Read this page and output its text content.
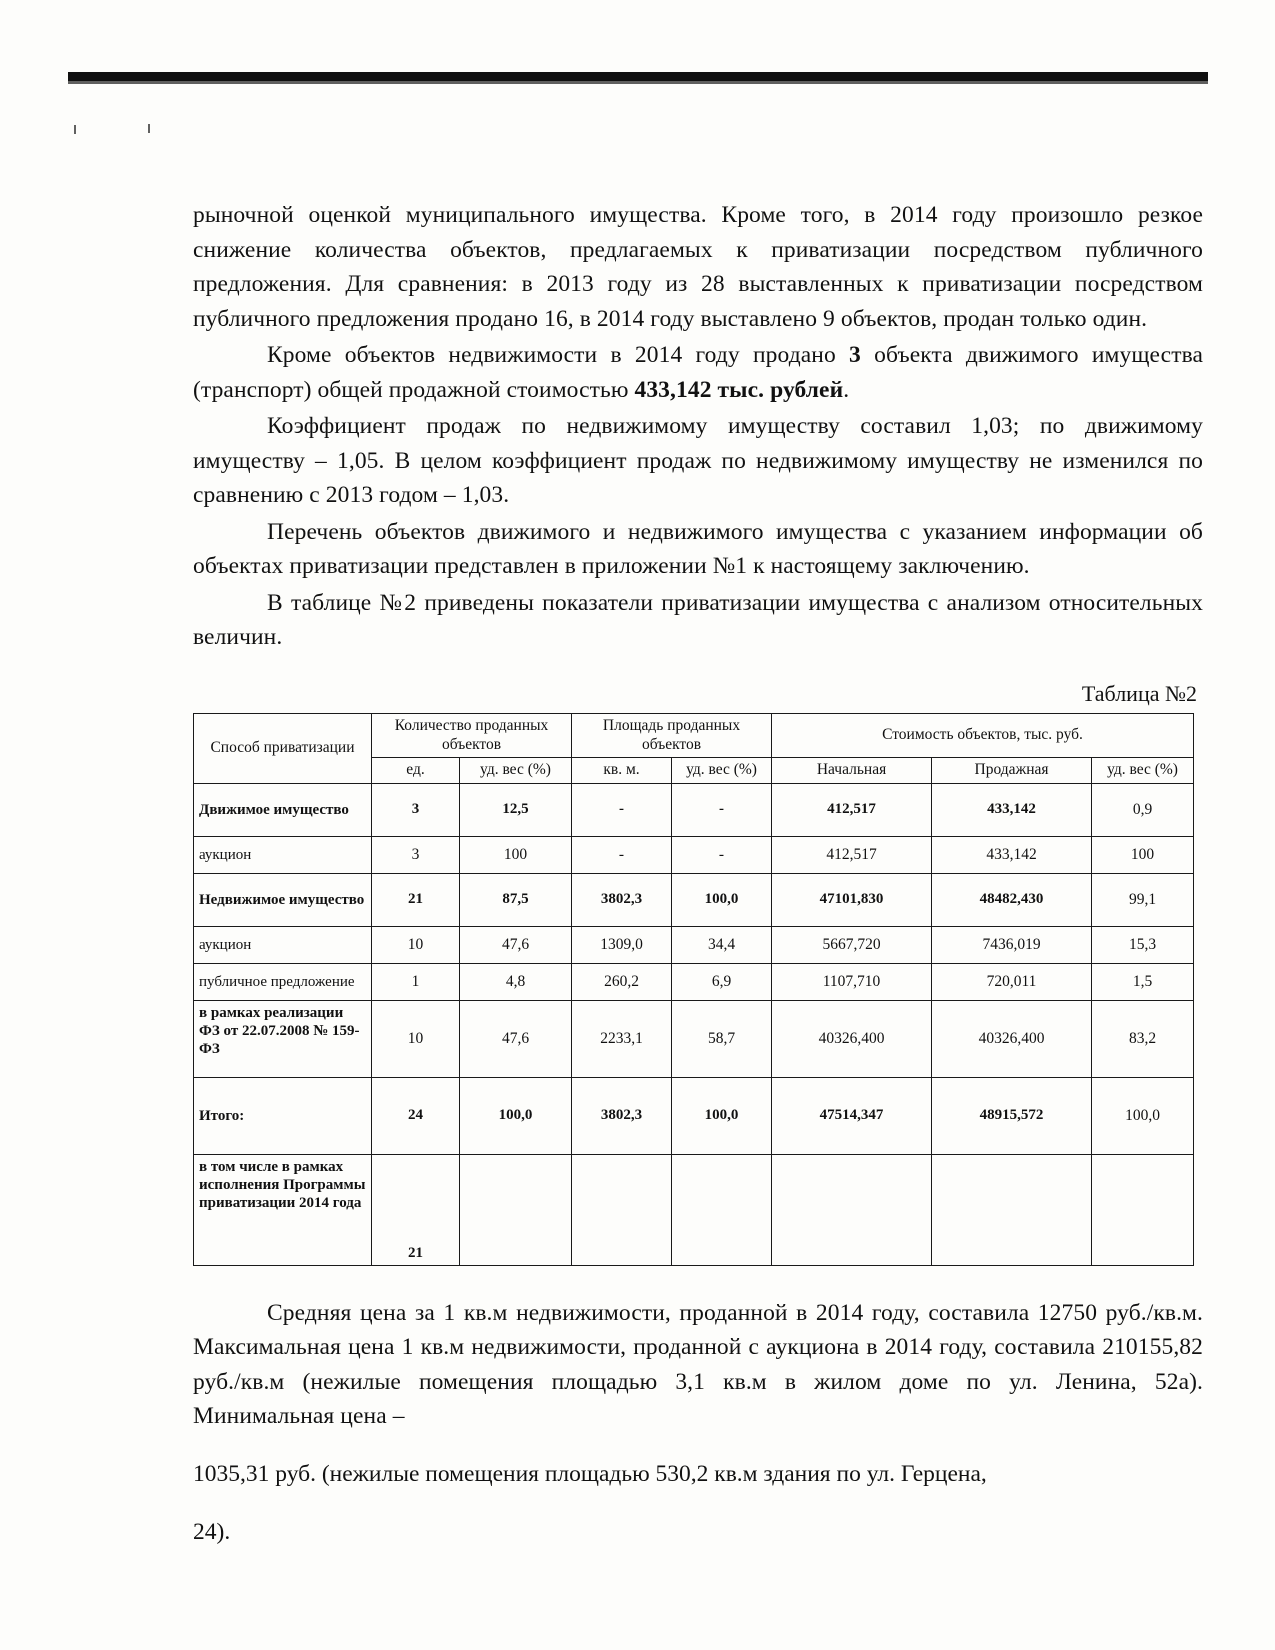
рыночной оценкой муниципального имущества. Кроме того, в 2014 году произошло резкое снижение количества объектов, предлагаемых к приватизации посредством публичного предложения. Для сравнения: в 2013 году из 28 выставленных к приватизации посредством публичного предложения продано 16, в 2014 году выставлено 9 объектов, продан только один.

Кроме объектов недвижимости в 2014 году продано 3 объекта движимого имущества (транспорт) общей продажной стоимостью 433,142 тыс. рублей.

Коэффициент продаж по недвижимому имуществу составил 1,03; по движимому имуществу – 1,05. В целом коэффициент продаж по недвижимому имуществу не изменился по сравнению с 2013 годом – 1,03.

Перечень объектов движимого и недвижимого имущества с указанием информации об объектах приватизации представлен в приложении №1 к настоящему заключению.

В таблице №2 приведены показатели приватизации имущества с анализом относительных величин.

Таблица №2
Способ приватизации	Количество проданных объектов		Площадь проданных объектов		Стоимость объектов, тыс. руб.		
	ед.	уд. вес (%)	кв. м.	уд. вес (%)	Начальная	Продажная	уд. вес (%)
Движимое имущество	3	12,5	-	-	412,517	433,142	0,9
аукцион	3	100	-	-	412,517	433,142	100
Недвижимое имущество	21	87,5	3802,3	100,0	47101,830	48482,430	99,1
аукцион	10	47,6	1309,0	34,4	5667,720	7436,019	15,3
публичное предложение	1	4,8	260,2	6,9	1107,710	720,011	1,5
в рамках реализации ФЗ от 22.07.2008 № 159-ФЗ	10	47,6	2233,1	58,7	40326,400	40326,400	83,2
Итого:	24	100,0	3802,3	100,0	47514,347	48915,572	100,0
в том числе в рамках исполнения Программы приватизации 2014 года	21						

Средняя цена за 1 кв.м недвижимости, проданной в 2014 году, составила 12750 руб./кв.м. Максимальная цена 1 кв.м недвижимости, проданной с аукциона в 2014 году, составила 210155,82 руб./кв.м (нежилые помещения площадью 3,1 кв.м в жилом доме по ул. Ленина, 52а). Минимальная цена –

1035,31 руб. (нежилые помещения площадью 530,2 кв.м здания по ул. Герцена,

24).
